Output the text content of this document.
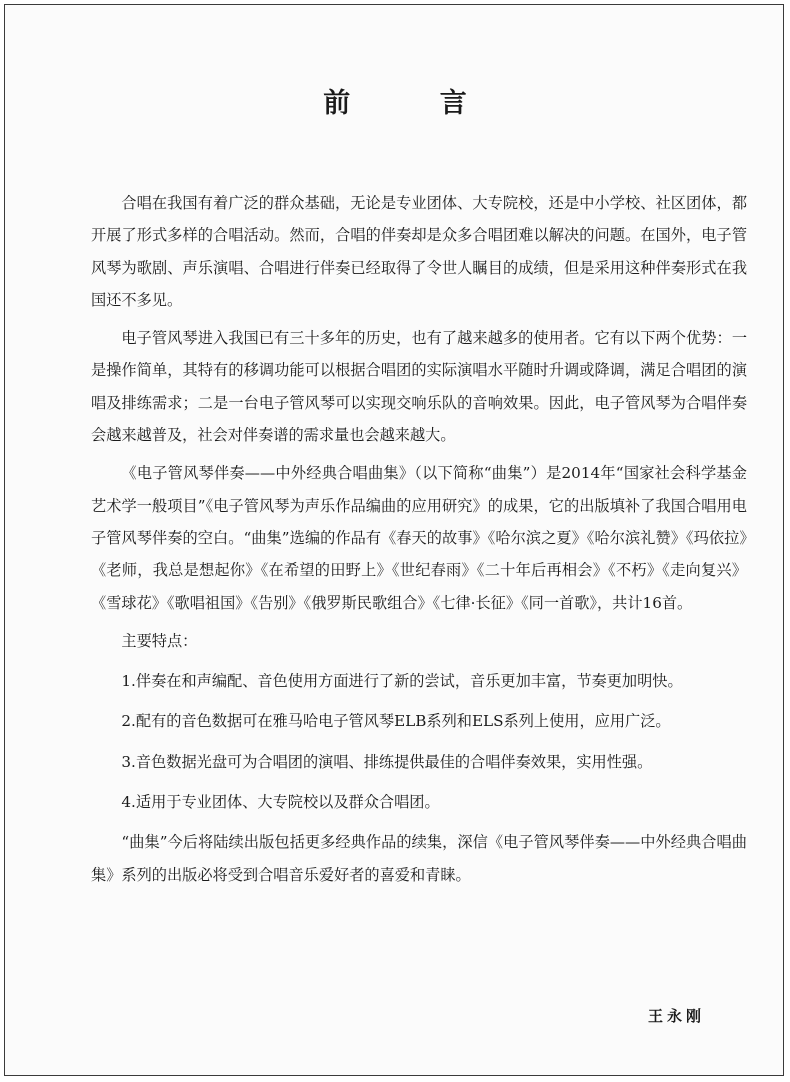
前 言

合唱在我国有着广泛的群众基础，无论是专业团体、大专院校，还是中小学校、社区团体，都开展了形式多样的合唱活动。然而，合唱的伴奏却是众多合唱团难以解决的问题。在国外，电子管风琴为歌剧、声乐演唱、合唱进行伴奏已经取得了令世人瞩目的成绩，但是采用这种伴奏形式在我国还不多见。

电子管风琴进入我国已有三十多年的历史，也有了越来越多的使用者。它有以下两个优势：一是操作简单，其特有的移调功能可以根据合唱团的实际演唱水平随时升调或降调，满足合唱团的演唱及排练需求；二是一台电子管风琴可以实现交响乐队的音响效果。因此，电子管风琴为合唱伴奏会越来越普及，社会对伴奏谱的需求量也会越来越大。

《电子管风琴伴奏——中外经典合唱曲集》（以下简称“曲集”）是2014年“国家社会科学基金艺术学一般项目”《电子管风琴为声乐作品编曲的应用研究》的成果，它的出版填补了我国合唱用电子管风琴伴奏的空白。“曲集”选编的作品有《春天的故事》《哈尔滨之夏》《哈尔滨礼赞》《玛依拉》《老师，我总是想起你》《在希望的田野上》《世纪春雨》《二十年后再相会》《不朽》《走向复兴》《雪球花》《歌唱祖国》《告别》《俄罗斯民歌组合》《七律·长征》《同一首歌》，共计16首。

主要特点：

1.伴奏在和声编配、音色使用方面进行了新的尝试，音乐更加丰富，节奏更加明快。

2.配有的音色数据可在雅马哈电子管风琴ELB系列和ELS系列上使用，应用广泛。

3.音色数据光盘可为合唱团的演唱、排练提供最佳的合唱伴奏效果，实用性强。

4.适用于专业团体、大专院校以及群众合唱团。

“曲集”今后将陆续出版包括更多经典作品的续集，深信《电子管风琴伴奏——中外经典合唱曲集》系列的出版必将受到合唱音乐爱好者的喜爱和青睐。

王永刚
